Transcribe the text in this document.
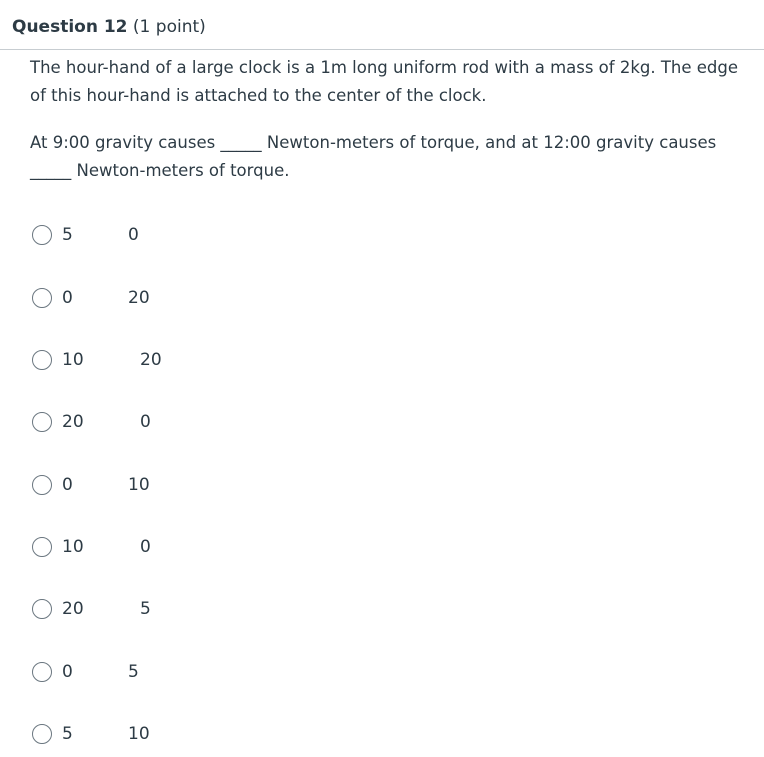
Question 12 (1 point)
The hour-hand of a large clock is a 1m long uniform rod with a mass of 2kg. The edge of this hour-hand is attached to the center of the clock.
At 9:00 gravity causes _____ Newton-meters of torque, and at 12:00 gravity causes _____ Newton-meters of torque.
5	0
0	20
10	20
20	0
0	10
10	0
20	5
0	5
5	10
